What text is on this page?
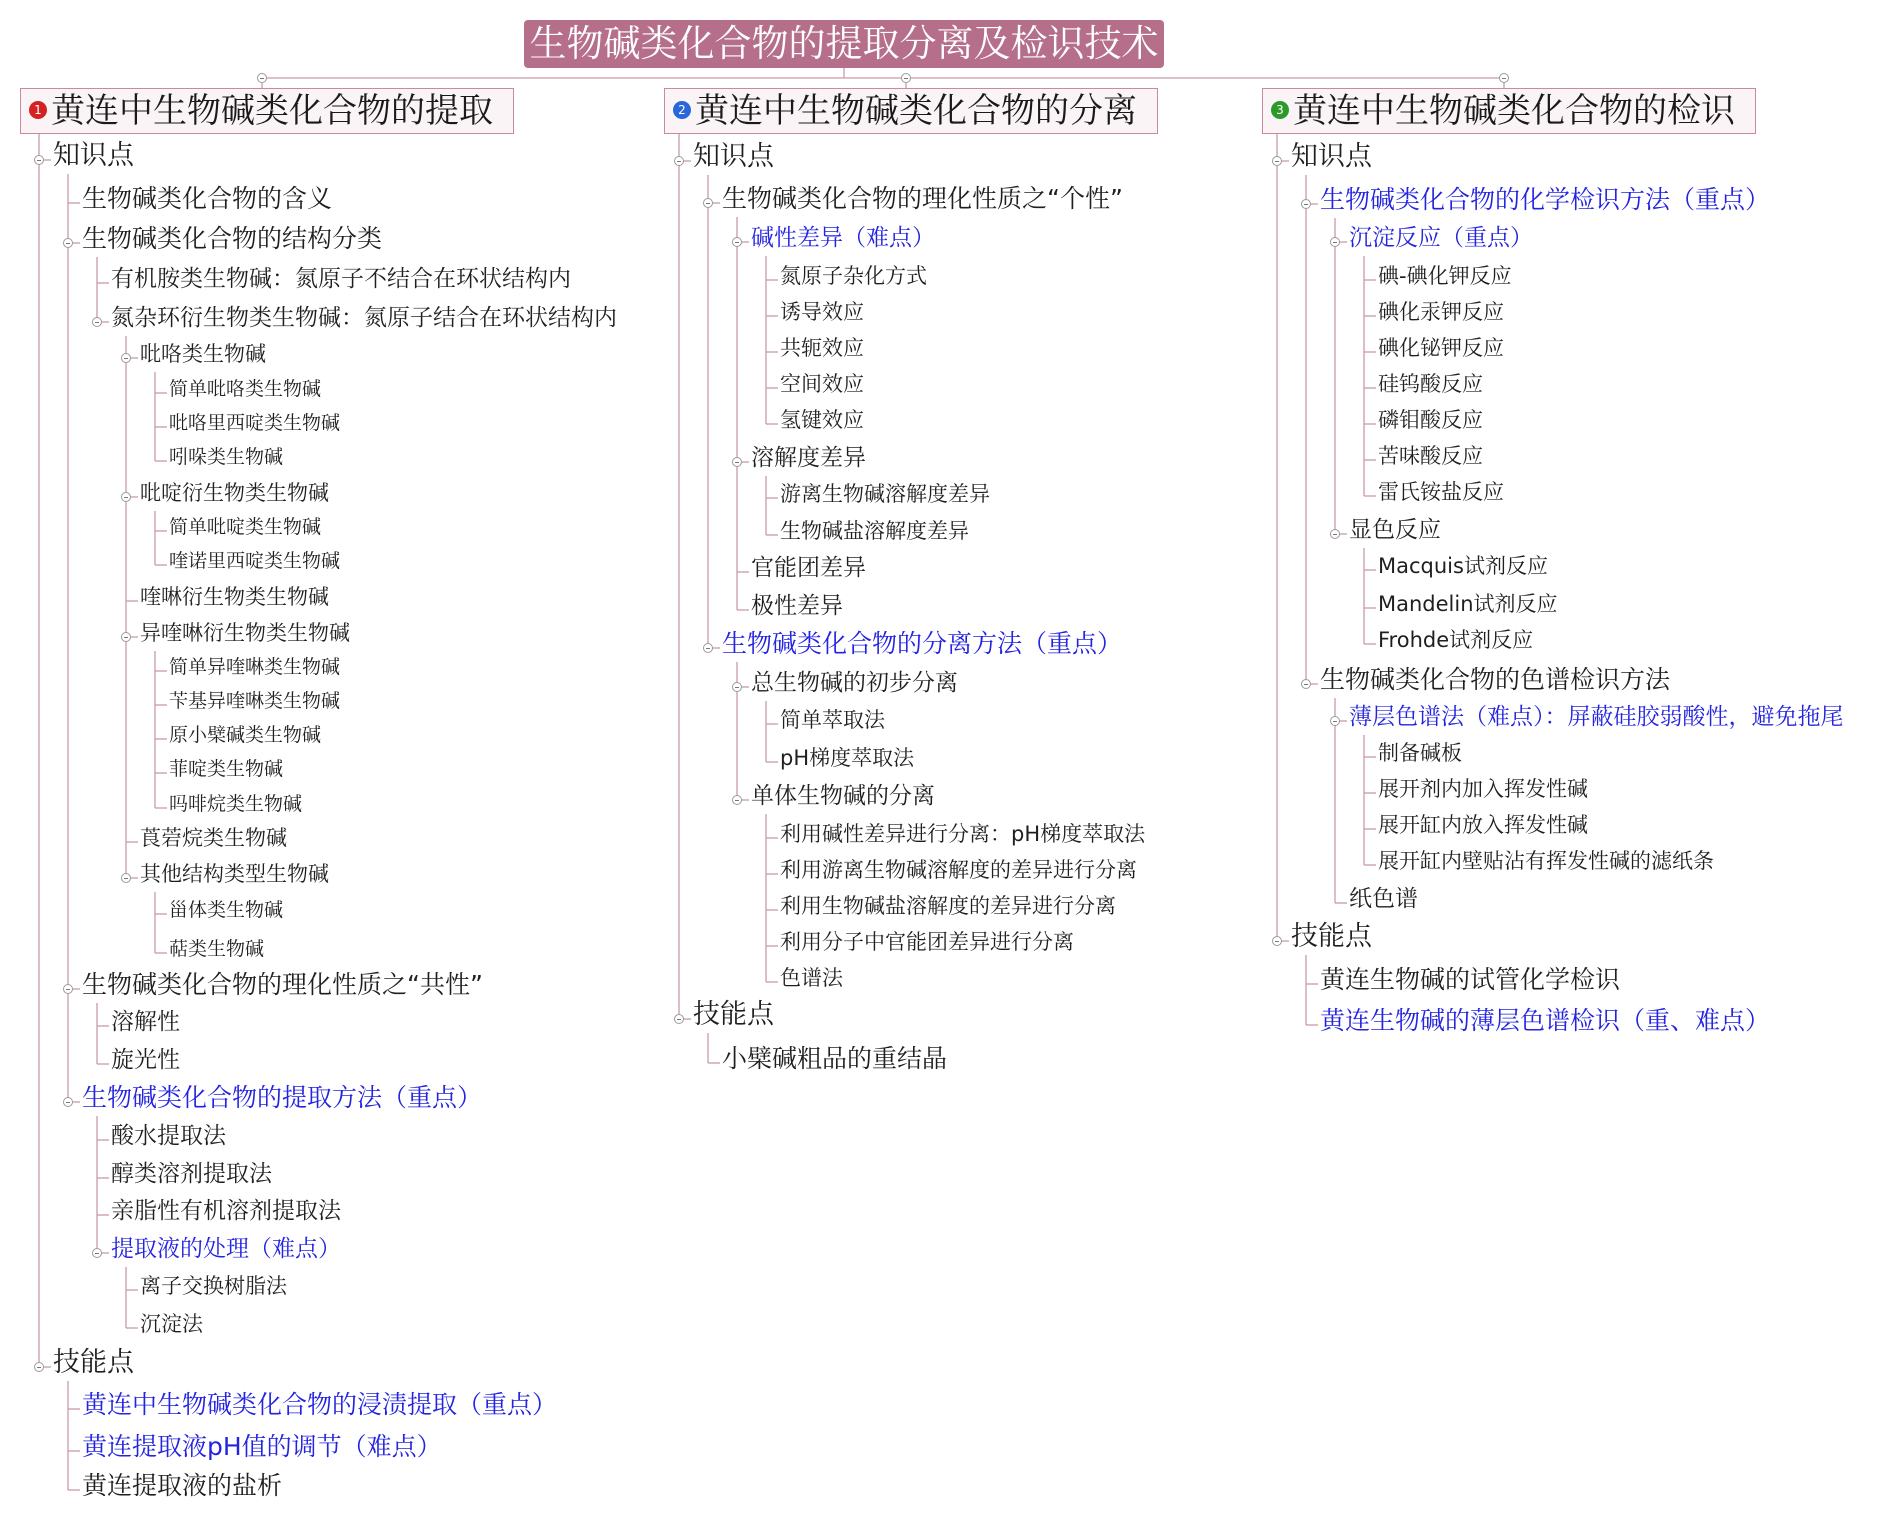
生物碱类化合物的提取分离及检识技术
1 黄连中生物碱类化合物的提取
知识点
生物碱类化合物的含义
生物碱类化合物的结构分类
有机胺类生物碱：氮原子不结合在环状结构内
氮杂环衍生物类生物碱：氮原子结合在环状结构内
吡咯类生物碱
简单吡咯类生物碱
吡咯里西啶类生物碱
吲哚类生物碱
吡啶衍生物类生物碱
简单吡啶类生物碱
喹诺里西啶类生物碱
喹啉衍生物类生物碱
异喹啉衍生物类生物碱
简单异喹啉类生物碱
苄基异喹啉类生物碱
原小檗碱类生物碱
菲啶类生物碱
吗啡烷类生物碱
莨菪烷类生物碱
其他结构类型生物碱
甾体类生物碱
萜类生物碱
生物碱类化合物的理化性质之“共性”
溶解性
旋光性
生物碱类化合物的提取方法（重点）
酸水提取法
醇类溶剂提取法
亲脂性有机溶剂提取法
提取液的处理（难点）
离子交换树脂法
沉淀法
技能点
黄连中生物碱类化合物的浸渍提取（重点）
黄连提取液pH值的调节（难点）
黄连提取液的盐析
2 黄连中生物碱类化合物的分离
知识点
生物碱类化合物的理化性质之“个性”
碱性差异（难点）
氮原子杂化方式
诱导效应
共轭效应
空间效应
氢键效应
溶解度差异
游离生物碱溶解度差异
生物碱盐溶解度差异
官能团差异
极性差异
生物碱类化合物的分离方法（重点）
总生物碱的初步分离
简单萃取法
pH梯度萃取法
单体生物碱的分离
利用碱性差异进行分离：pH梯度萃取法
利用游离生物碱溶解度的差异进行分离
利用生物碱盐溶解度的差异进行分离
利用分子中官能团差异进行分离
色谱法
技能点
小檗碱粗品的重结晶
3 黄连中生物碱类化合物的检识
知识点
生物碱类化合物的化学检识方法（重点）
沉淀反应（重点）
碘-碘化钾反应
碘化汞钾反应
碘化铋钾反应
硅钨酸反应
磷钼酸反应
苦味酸反应
雷氏铵盐反应
显色反应
Macquis试剂反应
Mandelin试剂反应
Frohde试剂反应
生物碱类化合物的色谱检识方法
薄层色谱法（难点）：屏蔽硅胶弱酸性，避免拖尾
制备碱板
展开剂内加入挥发性碱
展开缸内放入挥发性碱
展开缸内壁贴沾有挥发性碱的滤纸条
纸色谱
技能点
黄连生物碱的试管化学检识
黄连生物碱的薄层色谱检识（重、难点）
